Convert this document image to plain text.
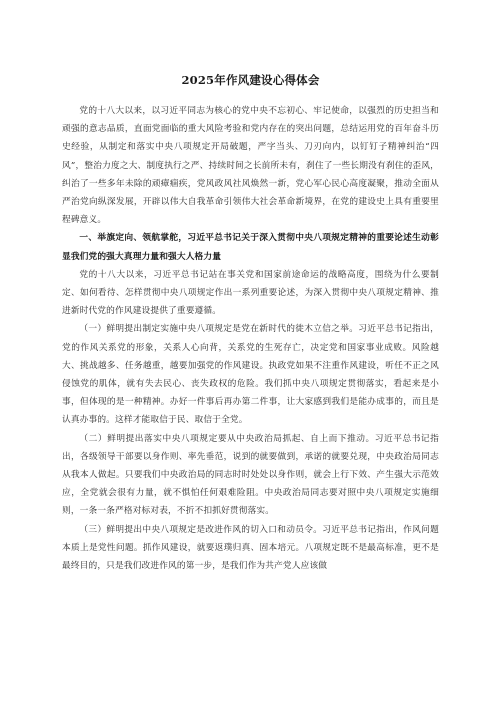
2025年作风建设心得体会

党的十八大以来，以习近平同志为核心的党中央不忘初心、牢记使命，以强烈的历史担当和顽强的意志品质，直面党面临的重大风险考验和党内存在的突出问题，总结运用党的百年奋斗历史经验，从制定和落实中央八项规定开局破题，严字当头、刀刃向内，以钉钉子精神纠治“四风”，整治力度之大、制度执行之严、持续时间之长前所未有，刹住了一些长期没有刹住的歪风，纠治了一些多年未除的顽瘴痼疾，党风政风社风焕然一新，党心军心民心高度凝聚，推动全面从严治党向纵深发展，开辟以伟大自我革命引领伟大社会革命新境界，在党的建设史上具有重要里程碑意义。

一、举旗定向、领航掌舵，习近平总书记关于深入贯彻中央八项规定精神的重要论述生动彰显我们党的强大真理力量和强大人格力量

党的十八大以来，习近平总书记站在事关党和国家前途命运的战略高度，围绕为什么要制定、如何看待、怎样贯彻中央八项规定作出一系列重要论述，为深入贯彻中央八项规定精神、推进新时代党的作风建设提供了重要遵循。

（一）鲜明提出制定实施中央八项规定是党在新时代的徙木立信之举。习近平总书记指出，党的作风关系党的形象，关系人心向背，关系党的生死存亡，决定党和国家事业成败。风险越大、挑战越多、任务越重，越要加强党的作风建设。执政党如果不注重作风建设，听任不正之风侵蚀党的肌体，就有失去民心、丧失政权的危险。我们抓中央八项规定贯彻落实，看起来是小事，但体现的是一种精神。办好一件事后再办第二件事，让大家感到我们是能办成事的，而且是认真办事的。这样才能取信于民、取信于全党。

（二）鲜明提出落实中央八项规定要从中央政治局抓起、自上而下推动。习近平总书记指出，各级领导干部要以身作则、率先垂范，说到的就要做到，承诺的就要兑现，中央政治局同志从我本人做起。只要我们中央政治局的同志时时处处以身作则，就会上行下效、产生强大示范效应，全党就会很有力量，就不惧怕任何艰难险阻。中央政治局同志要对照中央八项规定实施细则，一条一条严格对标对表，不折不扣抓好贯彻落实。

（三）鲜明提出中央八项规定是改进作风的切入口和动员令。习近平总书记指出，作风问题本质上是党性问题。抓作风建设，就要返璞归真、固本培元。八项规定既不是最高标准，更不是最终目的，只是我们改进作风的第一步，是我们作为共产党人应该做
